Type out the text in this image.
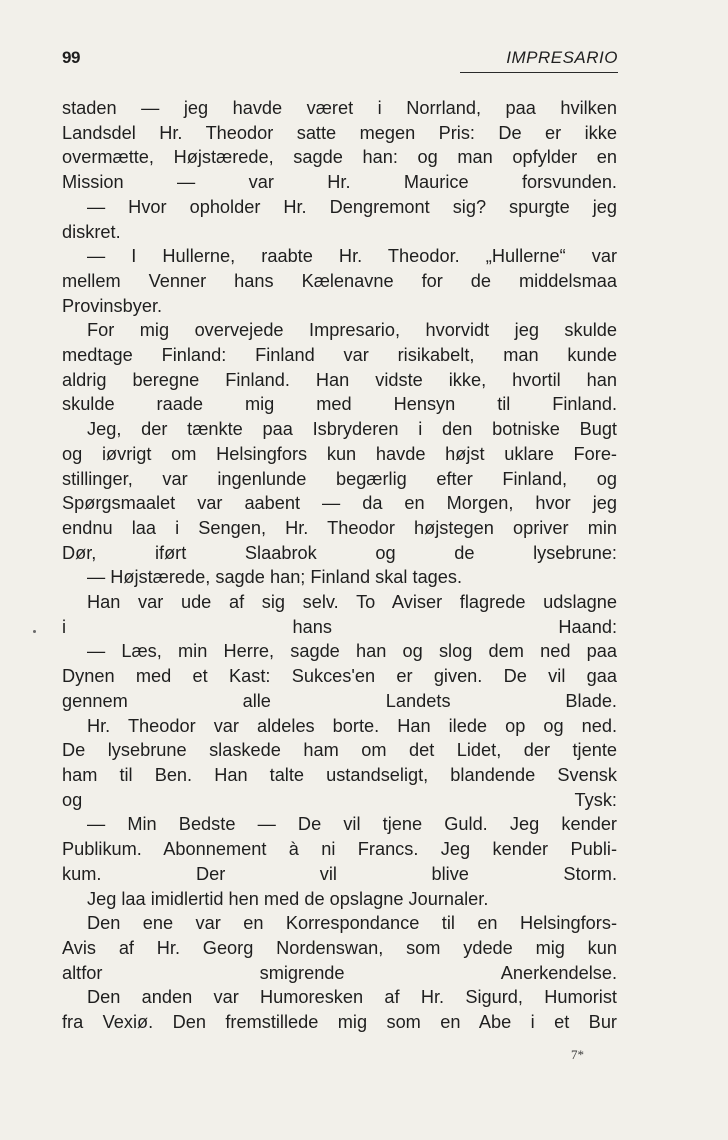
99	IMPRESARIO

staden — jeg havde været i Norrland, paa hvilken
Landsdel Hr. Theodor satte megen Pris: De er ikke
overmætte, Højstærede, sagde han: og man opfylder en
Mission — var Hr. Maurice forsvunden.

— Hvor opholder Hr. Dengremont sig? spurgte jeg
diskret.

— I Hullerne, raabte Hr. Theodor. „Hullerne“ var
mellem Venner hans Kælenavne for de middelsmaa
Provinsbyer.

For mig overvejede Impresario, hvorvidt jeg skulde
medtage Finland: Finland var risikabelt, man kunde
aldrig beregne Finland. Han vidste ikke, hvortil han
skulde raade mig med Hensyn til Finland.

Jeg, der tænkte paa Isbryderen i den botniske Bugt
og iøvrigt om Helsingfors kun havde højst uklare Fore-
stillinger, var ingenlunde begærlig efter Finland, og
Spørgsmaalet var aabent — da en Morgen, hvor jeg
endnu laa i Sengen, Hr. Theodor højstegen opriver min
Dør, iført Slaabrok og de lysebrune:

— Højstærede, sagde han; Finland skal tages.

Han var ude af sig selv. To Aviser flagrede udslagne
i hans Haand:

— Læs, min Herre, sagde han og slog dem ned paa
Dynen med et Kast: Sukces'en er given. De vil gaa
gennem alle Landets Blade.

Hr. Theodor var aldeles borte. Han ilede op og ned.
De lysebrune slaskede ham om det Lidet, der tjente
ham til Ben. Han talte ustandseligt, blandende Svensk
og Tysk:

— Min Bedste — De vil tjene Guld. Jeg kender
Publikum. Abonnement à ni Francs. Jeg kender Publi-
kum. Der vil blive Storm.

Jeg laa imidlertid hen med de opslagne Journaler.

Den ene var en Korrespondance til en Helsingfors-
Avis af Hr. Georg Nordenswan, som ydede mig kun
altfor smigrende Anerkendelse.

Den anden var Humoresken af Hr. Sigurd, Humorist
fra Vexiø. Den fremstillede mig som en Abe i et Bur

7*
